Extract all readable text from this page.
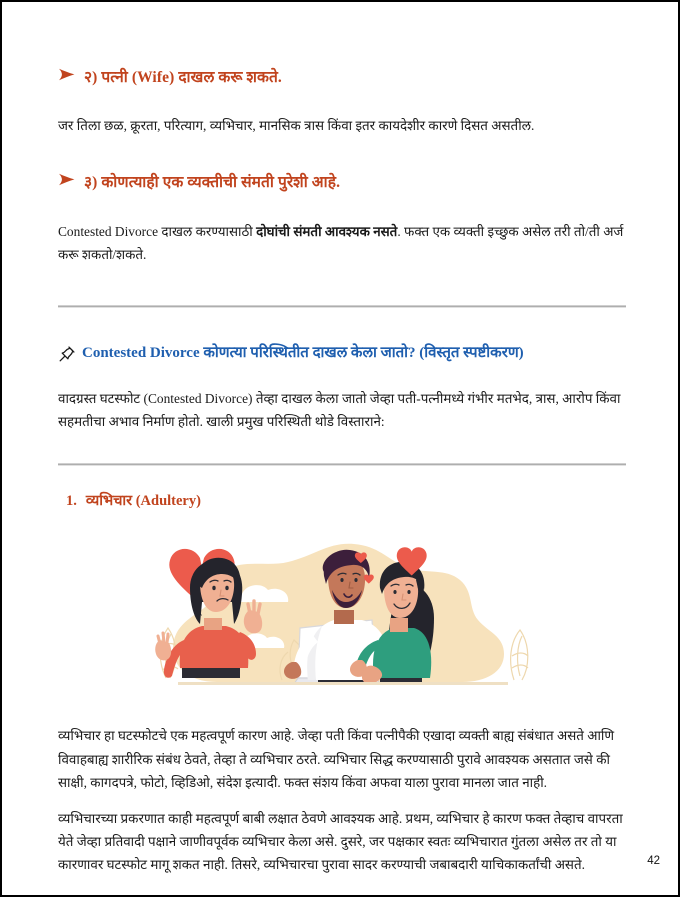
२) पत्नी (Wife) दाखल करू शकते.
जर तिला छळ, क्रूरता, परित्याग, व्यभिचार, मानसिक त्रास किंवा इतर कायदेशीर कारणे दिसत असतील.
३) कोणत्याही एक व्यक्तीची संमती पुरेशी आहे.
Contested Divorce दाखल करण्यासाठी दोघांची संमती आवश्यक नसते. फक्त एक व्यक्ती इच्छुक असेल तरी तो/ती अर्ज करू शकतो/शकते.
Contested Divorce कोणत्या परिस्थितीत दाखल केला जातो? (विस्तृत स्पष्टीकरण)
वादग्रस्त घटस्फोट (Contested Divorce) तेव्हा दाखल केला जातो जेव्हा पती-पत्नीमध्ये गंभीर मतभेद, त्रास, आरोप किंवा सहमतीचा अभाव निर्माण होतो. खाली प्रमुख परिस्थिती थोडे विस्ताराने:
1. व्यभिचार (Adultery)
व्यभिचार हा घटस्फोटचे एक महत्वपूर्ण कारण आहे. जेव्हा पती किंवा पत्नीपैकी एखादा व्यक्ती बाह्य संबंधात असते आणि विवाहबाह्य शारीरिक संबंध ठेवते, तेव्हा ते व्यभिचार ठरते. व्यभिचार सिद्ध करण्यासाठी पुरावे आवश्यक असतात जसे की साक्षी, कागदपत्रे, फोटो, व्हिडिओ, संदेश इत्यादी. फक्त संशय किंवा अफवा याला पुरावा मानला जात नाही.
व्यभिचारच्या प्रकरणात काही महत्वपूर्ण बाबी लक्षात ठेवणे आवश्यक आहे. प्रथम, व्यभिचार हे कारण फक्त तेव्हाच वापरता येते जेव्हा प्रतिवादी पक्षाने जाणीवपूर्वक व्यभिचार केला असे. दुसरे, जर पक्षकार स्वतः व्यभिचारात गुंतला असेल तर तो या कारणावर घटस्फोट मागू शकत नाही. तिसरे, व्यभिचारचा पुरावा सादर करण्याची जबाबदारी याचिकाकर्तांची असते.	42
